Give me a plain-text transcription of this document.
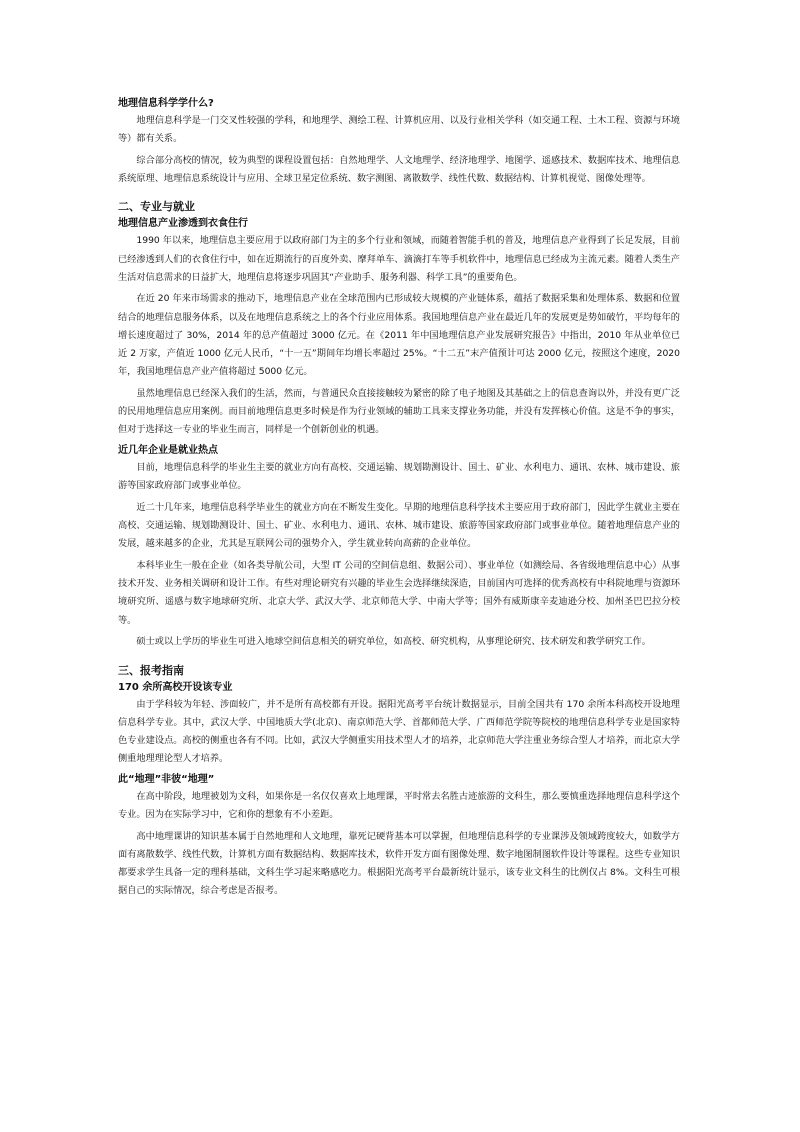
地理信息科学学什么?

地理信息科学是一门交叉性较强的学科，和地理学、测绘工程、计算机应用、以及行业相关学科（如交通工程、土木工程、资源与环境等）都有关系。

综合部分高校的情况，较为典型的课程设置包括：自然地理学、人文地理学、经济地理学、地图学、遥感技术、数据库技术、地理信息系统原理、地理信息系统设计与应用、全球卫星定位系统、数字测图、离散数学、线性代数、数据结构、计算机视觉、图像处理等。

二、专业与就业
地理信息产业渗透到衣食住行

1990 年以来，地理信息主要应用于以政府部门为主的多个行业和领域，而随着智能手机的普及，地理信息产业得到了长足发展，目前已经渗透到人们的衣食住行中，如在近期流行的百度外卖、摩拜单车、滴滴打车等手机软件中，地理信息已经成为主流元素。随着人类生产生活对信息需求的日益扩大，地理信息将逐步巩固其“产业助手、服务利器、科学工具”的重要角色。

在近 20 年来市场需求的推动下，地理信息产业在全球范围内已形成较大规模的产业链体系，蕴括了数据采集和处理体系、数据和位置结合的地理信息服务体系，以及在地理信息系统之上的各个行业应用体系。我国地理信息产业在最近几年的发展更是势如破竹，平均每年的增长速度超过了 30%，2014 年的总产值超过 3000 亿元。在《2011 年中国地理信息产业发展研究报告》中指出，2010 年从业单位已近 2 万家，产值近 1000 亿元人民币，“十一五”期间年均增长率超过 25%。“十二五”末产值预计可达 2000 亿元，按照这个速度，2020 年，我国地理信息产业产值将超过 5000 亿元。

虽然地理信息已经深入我们的生活，然而，与普通民众直接接触较为紧密的除了电子地图及其基础之上的信息查询以外，并没有更广泛的民用地理信息应用案例。而目前地理信息更多时候是作为行业领域的辅助工具来支撑业务功能，并没有发挥核心价值。这是不争的事实，但对于选择这一专业的毕业生而言，同样是一个创新创业的机遇。

近几年企业是就业热点

目前，地理信息科学的毕业生主要的就业方向有高校、交通运输、规划勘测设计、国土、矿业、水利电力、通讯、农林、城市建设、旅游等国家政府部门或事业单位。

近二十几年来，地理信息科学毕业生的就业方向在不断发生变化。早期的地理信息科学技术主要应用于政府部门，因此学生就业主要在高校、交通运输、规划勘测设计、国土、矿业、水利电力、通讯、农林、城市建设、旅游等国家政府部门或事业单位。随着地理信息产业的发展，越来越多的企业，尤其是互联网公司的强势介入，学生就业转向高薪的企业单位。

本科毕业生一般在企业（如各类导航公司，大型 IT 公司的空间信息组、数据公司）、事业单位（如测绘局、各省级地理信息中心）从事技术开发、业务相关调研和设计工作。有些对理论研究有兴趣的毕业生会选择继续深造，目前国内可选择的优秀高校有中科院地理与资源环境研究所、遥感与数字地球研究所、北京大学、武汉大学、北京师范大学、中南大学等；国外有威斯康辛麦迪逊分校、加州圣巴巴拉分校等。

硕士或以上学历的毕业生可进入地球空间信息相关的研究单位，如高校、研究机构，从事理论研究、技术研发和教学研究工作。

三、报考指南
170 余所高校开设该专业

由于学科较为年轻、涉面较广，并不是所有高校都有开设。据阳光高考平台统计数据显示，目前全国共有 170 余所本科高校开设地理信息科学专业。其中，武汉大学、中国地质大学(北京)、南京师范大学、首都师范大学、广西师范学院等院校的地理信息科学专业是国家特色专业建设点。高校的侧重也各有不同。比如，武汉大学侧重实用技术型人才的培养，北京师范大学注重业务综合型人才培养，而北京大学侧重地理理论型人才培养。

此“地理”非彼“地理”

在高中阶段，地理被划为文科，如果你是一名仅仅喜欢上地理课，平时常去名胜古迹旅游的文科生，那么要慎重选择地理信息科学这个专业。因为在实际学习中，它和你的想象有不小差距。

高中地理课讲的知识基本属于自然地理和人文地理，靠死记硬背基本可以掌握，但地理信息科学的专业课涉及领域跨度较大，如数学方面有离散数学、线性代数，计算机方面有数据结构、数据库技术，软件开发方面有图像处理、数字地图制图软件设计等课程。这些专业知识都要求学生具备一定的理科基础，文科生学习起来略感吃力。根据阳光高考平台最新统计显示，该专业文科生的比例仅占 8%。文科生可根据自己的实际情况，综合考虑是否报考。
